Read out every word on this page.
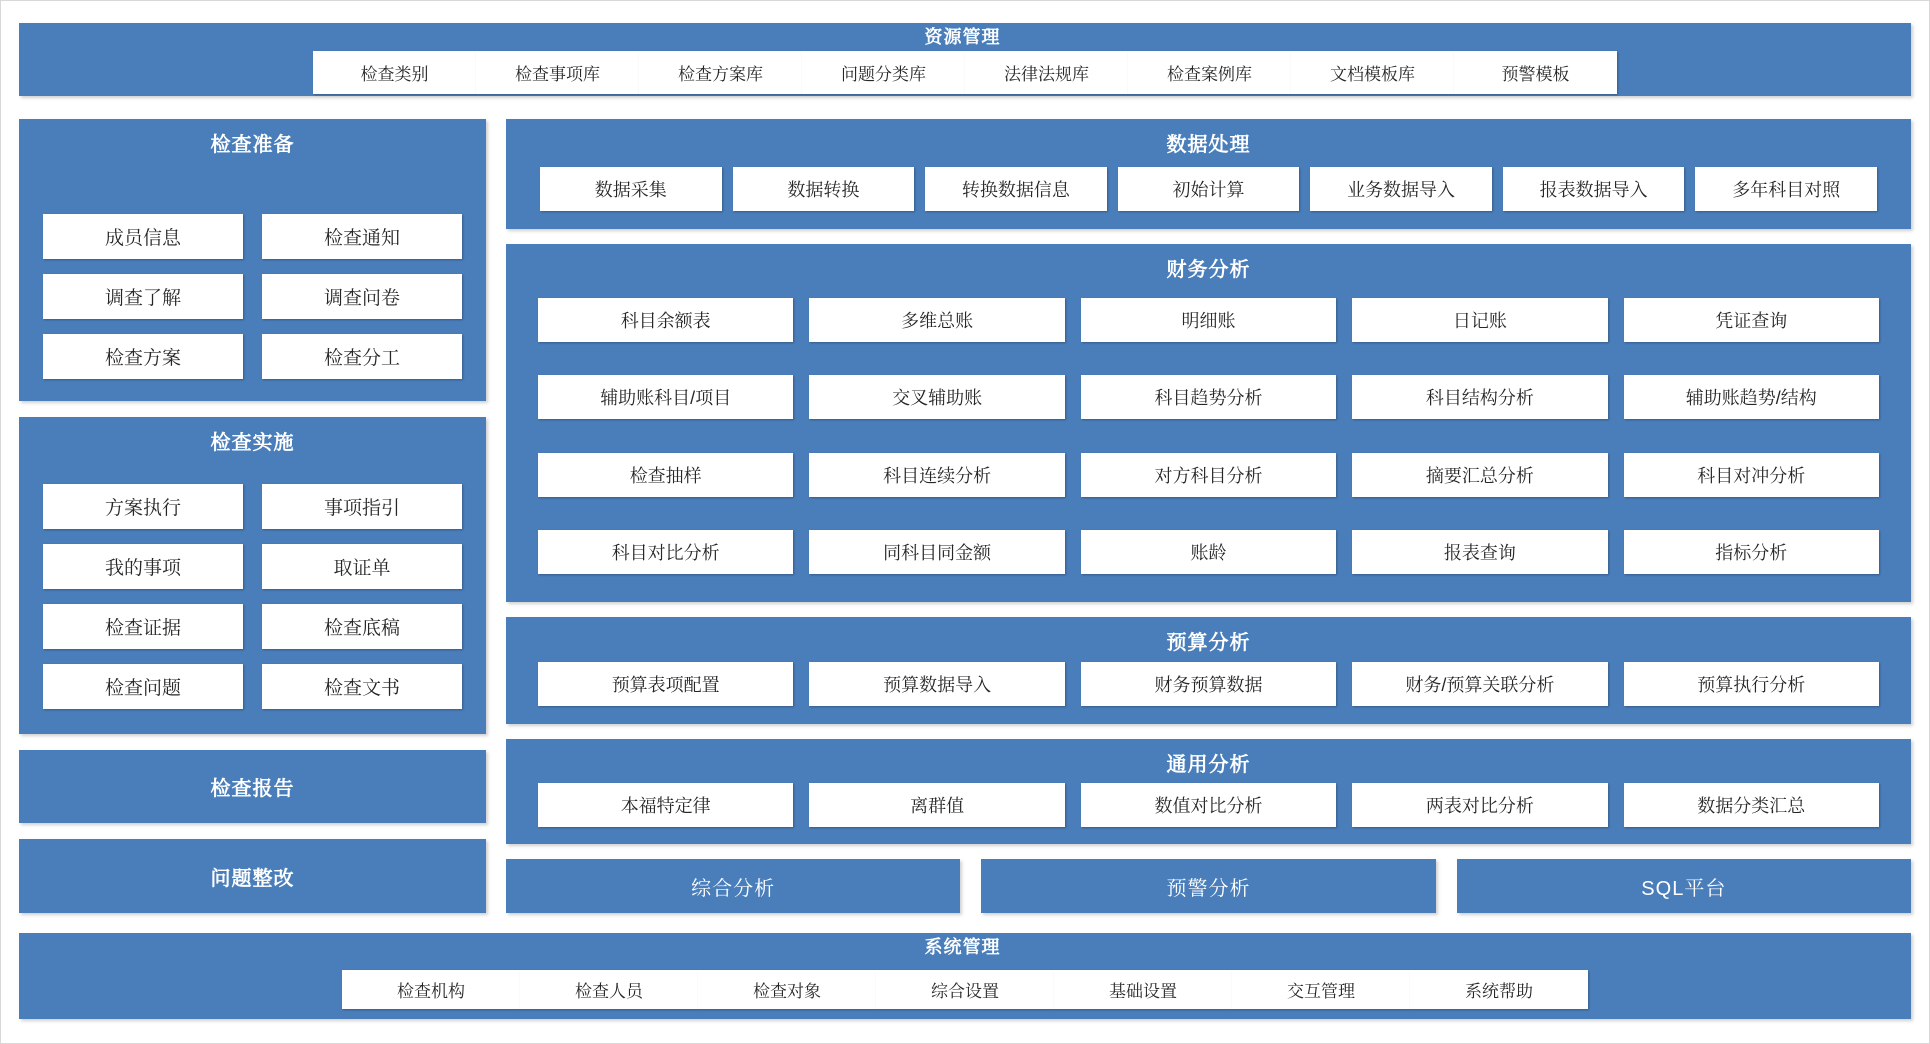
资源管理
检查类别	检查事项库	检查方案库	问题分类库	法律法规库	检查案例库	文档模板库	预警模板
检查准备
成员信息	检查通知
调查了解	调查问卷
检查方案	检查分工
检查实施
方案执行	事项指引
我的事项	取证单
检查证据	检查底稿
检查问题	检查文书
检查报告
问题整改
数据处理
数据采集	数据转换	转换数据信息	初始计算	业务数据导入	报表数据导入	多年科目对照
财务分析
科目余额表	多维总账	明细账	日记账	凭证查询
辅助账科目/项目	交叉辅助账	科目趋势分析	科目结构分析	辅助账趋势/结构
检查抽样	科目连续分析	对方科目分析	摘要汇总分析	科目对冲分析
科目对比分析	同科目同金额	账龄	报表查询	指标分析
预算分析
预算表项配置	预算数据导入	财务预算数据	财务/预算关联分析	预算执行分析
通用分析
本福特定律	离群值	数值对比分析	两表对比分析	数据分类汇总
综合分析	预警分析	SQL平台
系统管理
检查机构	检查人员	检查对象	综合设置	基础设置	交互管理	系统帮助
